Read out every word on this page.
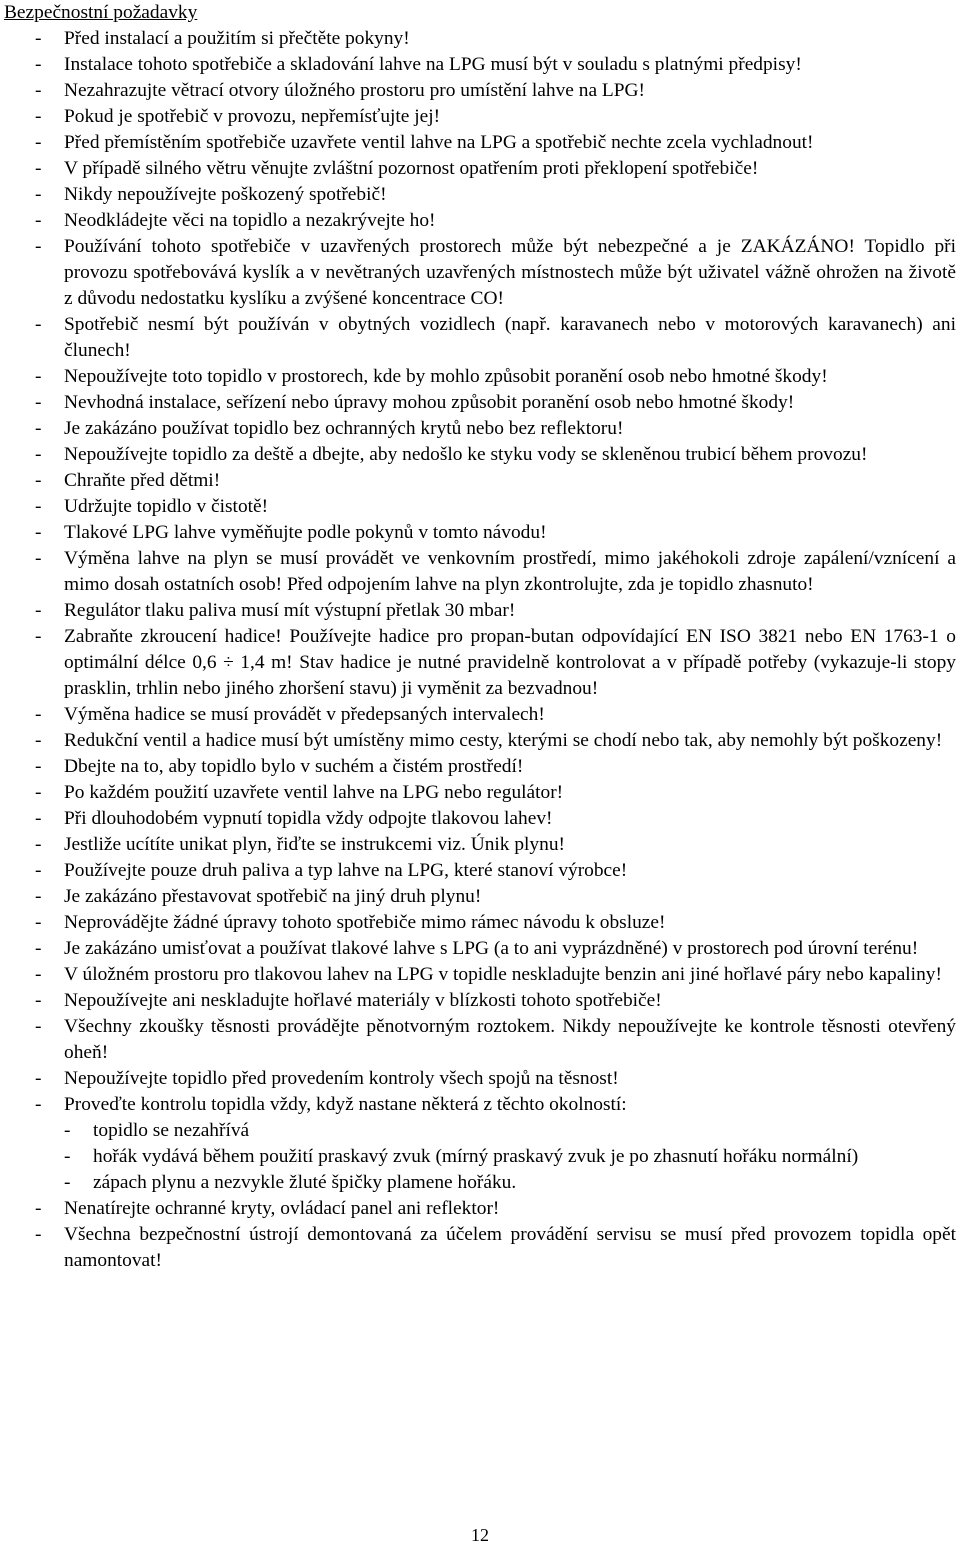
Bezpečnostní požadavky
- Před instalací a použitím si přečtěte pokyny!
- Instalace tohoto spotřebiče a skladování lahve na LPG musí být v souladu s platnými předpisy!
- Nezahrazujte větrací otvory úložného prostoru pro umístění lahve na LPG!
- Pokud je spotřebič v provozu, nepřemísťujte jej!
- Před přemístěním spotřebiče uzavřete ventil lahve na LPG a spotřebič nechte zcela vychladnout!
- V případě silného větru věnujte zvláštní pozornost opatřením proti překlopení spotřebiče!
- Nikdy nepoužívejte poškozený spotřebič!
- Neodkládejte věci na topidlo a nezakrývejte ho!
- Používání tohoto spotřebiče v uzavřených prostorech může být nebezpečné a je ZAKÁZÁNO! Topidlo při provozu spotřebovává kyslík a v nevětraných uzavřených místnostech může být uživatel vážně ohrožen na životě z důvodu nedostatku kyslíku a zvýšené koncentrace CO!
- Spotřebič nesmí být používán v obytných vozidlech (např. karavanech nebo v motorových karavanech) ani člunech!
- Nepoužívejte toto topidlo v prostorech, kde by mohlo způsobit poranění osob nebo hmotné škody!
- Nevhodná instalace, seřízení nebo úpravy mohou způsobit poranění osob nebo hmotné škody!
- Je zakázáno používat topidlo bez ochranných krytů nebo bez reflektoru!
- Nepoužívejte topidlo za deště a dbejte, aby nedošlo ke styku vody se skleněnou trubicí během provozu!
- Chraňte před dětmi!
- Udržujte topidlo v čistotě!
- Tlakové LPG lahve vyměňujte podle pokynů v tomto návodu!
- Výměna lahve na plyn se musí provádět ve venkovním prostředí, mimo jakéhokoli zdroje zapálení/vznícení a mimo dosah ostatních osob! Před odpojením lahve na plyn zkontrolujte, zda je topidlo zhasnuto!
- Regulátor tlaku paliva musí mít výstupní přetlak 30 mbar!
- Zabraňte zkroucení hadice! Používejte hadice pro propan-butan odpovídající EN ISO 3821 nebo EN 1763-1 o optimální délce 0,6 ÷ 1,4 m! Stav hadice je nutné pravidelně kontrolovat a v případě potřeby (vykazuje-li stopy prasklin, trhlin nebo jiného zhoršení stavu) ji vyměnit za bezvadnou!
- Výměna hadice se musí provádět v předepsaných intervalech!
- Redukční ventil a hadice musí být umístěny mimo cesty, kterými se chodí nebo tak, aby nemohly být poškozeny!
- Dbejte na to, aby topidlo bylo v suchém a čistém prostředí!
- Po každém použití uzavřete ventil lahve na LPG nebo regulátor!
- Při dlouhodobém vypnutí topidla vždy odpojte tlakovou lahev!
- Jestliže ucítíte unikat plyn, řiďte se instrukcemi viz. Únik plynu!
- Používejte pouze druh paliva a typ lahve na LPG, které stanoví výrobce!
- Je zakázáno přestavovat spotřebič na jiný druh plynu!
- Neprovádějte žádné úpravy tohoto spotřebiče mimo rámec návodu k obsluze!
- Je zakázáno umisťovat a používat tlakové lahve s LPG (a to ani vyprázdněné) v prostorech pod úrovní terénu!
- V úložném prostoru pro tlakovou lahev na LPG v topidle neskladujte benzin ani jiné hořlavé páry nebo kapaliny!
- Nepoužívejte ani neskladujte hořlavé materiály v blízkosti tohoto spotřebiče!
- Všechny zkoušky těsnosti provádějte pěnotvorným roztokem. Nikdy nepoužívejte ke kontrole těsnosti otevřený oheň!
- Nepoužívejte topidlo před provedením kontroly všech spojů na těsnost!
- Proveďte kontrolu topidla vždy, když nastane některá z těchto okolností:
- topidlo se nezahřívá
- hořák vydává během použití praskavý zvuk (mírný praskavý zvuk je po zhasnutí hořáku normální)
- zápach plynu a nezvykle žluté špičky plamene hořáku.
- Nenatírejte ochranné kryty, ovládací panel ani reflektor!
- Všechna bezpečnostní ústrojí demontovaná za účelem provádění servisu se musí před provozem topidla opět namontovat!
12
